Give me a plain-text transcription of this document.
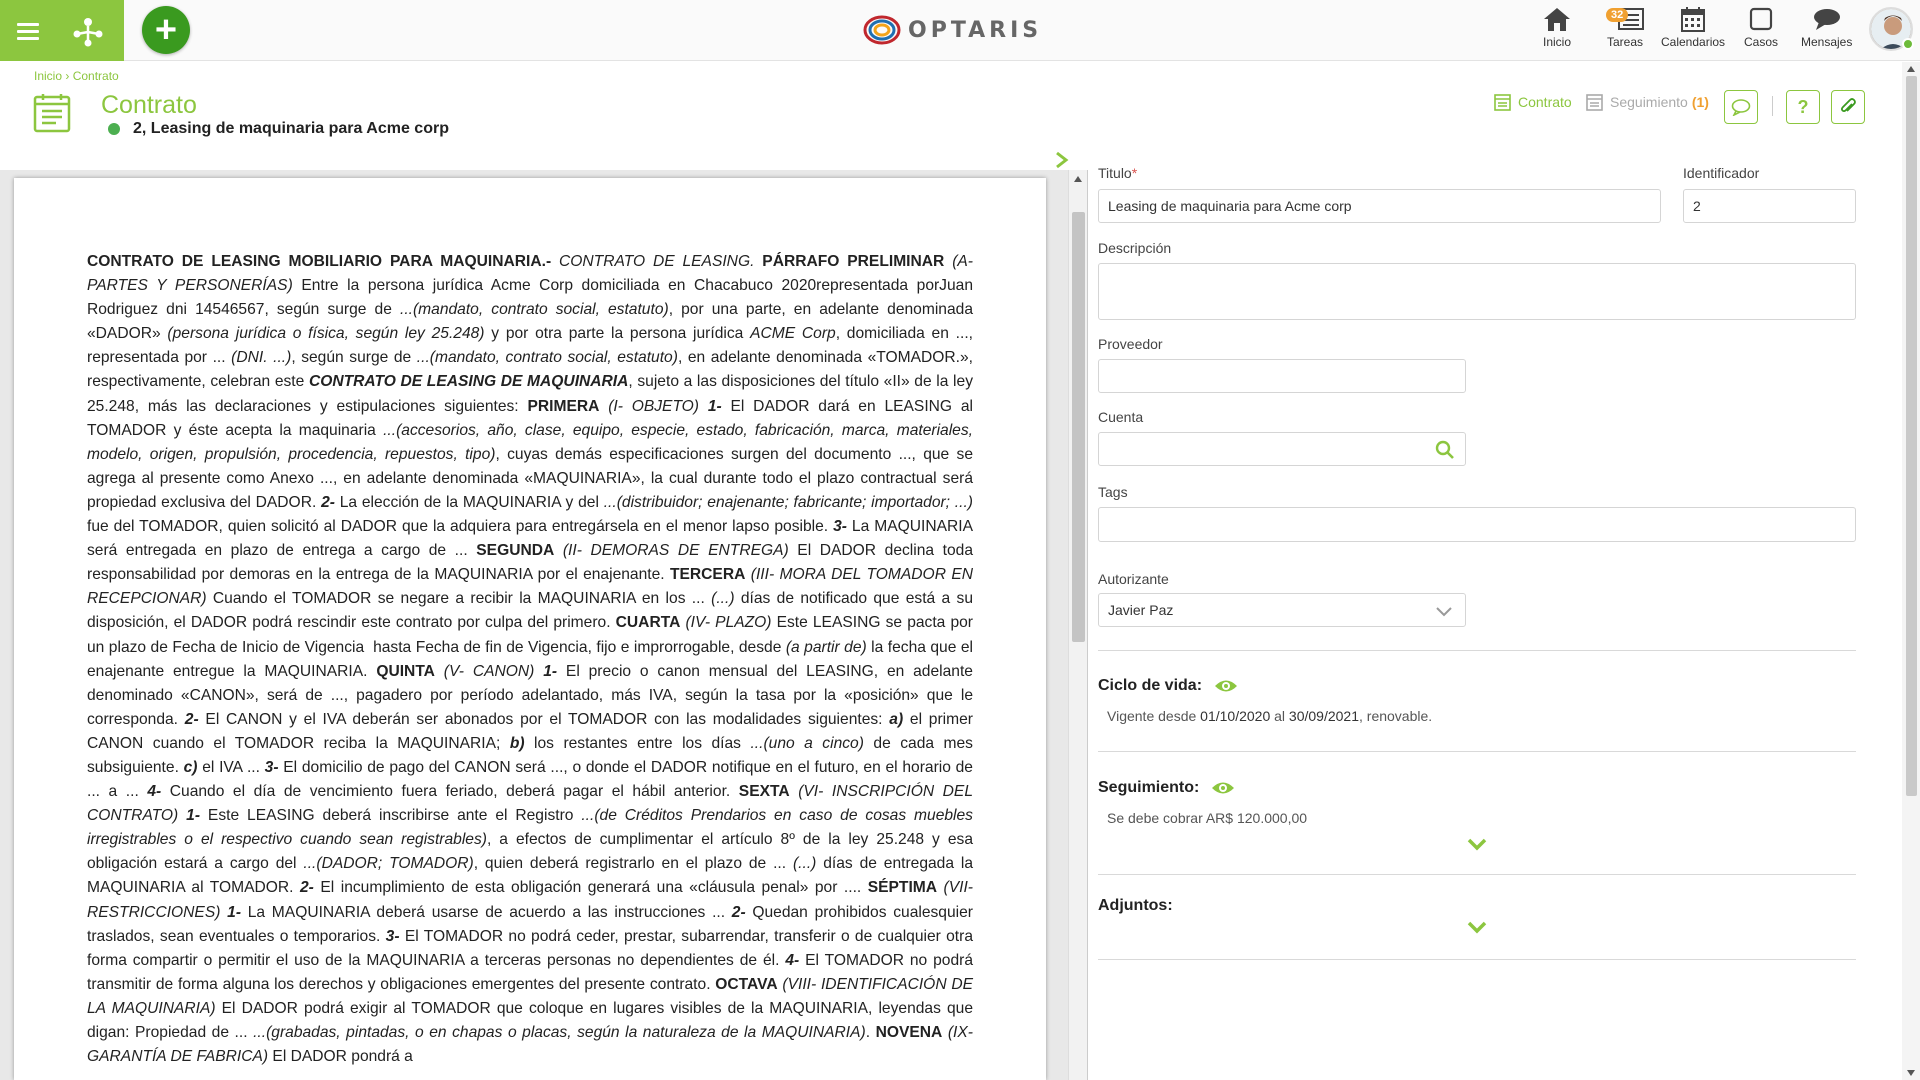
+	OPTARIS	Inicio
32
Tareas Calendarios Casos Mensajes
Inicio › Contrato
Contrato
2, Leasing de maquinaria para Acme corp
Contrato	Seguimiento (1)	?
CONTRATO DE LEASING MOBILIARIO PARA MAQUINARIA.- CONTRATO DE LEASING. PÁRRAFO PRELIMINAR (A-PARTES Y PERSONERÍAS) Entre la persona jurídica Acme Corp domiciliada en Chacabuco 2020representada porJuan Rodriguez dni 14546567, según surge de ...(mandato, contrato social, estatuto), por una parte, en adelante denominada «DADOR» (persona jurídica o física, según ley 25.248) y por otra parte la persona jurídica ACME Corp, domiciliada en ..., representada por ... (DNI. ...), según surge de ...(mandato, contrato social, estatuto), en adelante denominada «TOMADOR.», respectivamente, celebran este CONTRATO DE LEASING DE MAQUINARIA, sujeto a las disposiciones del título «II» de la ley 25.248, más las declaraciones y estipulaciones siguientes: PRIMERA (I- OBJETO) 1- El DADOR dará en LEASING al TOMADOR y éste acepta la maquinaria ...(accesorios, año, clase, equipo, especie, estado, fabricación, marca, materiales, modelo, origen, propulsión, procedencia, repuestos, tipo), cuyas demás especificaciones surgen del documento ..., que se agrega al presente como Anexo ..., en adelante denominada «MAQUINARIA», la cual durante todo el plazo contractual será propiedad exclusiva del DADOR. 2- La elección de la MAQUINARIA y del ...(distribuidor; enajenante; fabricante; importador; ...) fue del TOMADOR, quien solicitó al DADOR que la adquiera para entregársela en el menor lapso posible. 3- La MAQUINARIA será entregada en plazo de entrega a cargo de ... SEGUNDA (II- DEMORAS DE ENTREGA) El DADOR declina toda responsabilidad por demoras en la entrega de la MAQUINARIA por el enajenante. TERCERA (III- MORA DEL TOMADOR EN RECEPCIONAR) Cuando el TOMADOR se negare a recibir la MAQUINARIA en los ... (...) días de notificado que está a su disposición, el DADOR podrá rescindir este contrato por culpa del primero. CUARTA (IV- PLAZO) Este LEASING se pacta por un plazo de Fecha de Inicio de Vigencia  hasta Fecha de fin de Vigencia, fijo e improrrogable, desde (a partir de) la fecha que el enajenante entregue la MAQUINARIA. QUINTA (V- CANON) 1- El precio o canon mensual del LEASING, en adelante denominado «CANON», será de ..., pagadero por período adelantado, más IVA, según la tasa por la «posición» que le corresponda. 2- El CANON y el IVA deberán ser abonados por el TOMADOR con las modalidades siguientes: a) el primer CANON cuando el TOMADOR reciba la MAQUINARIA; b) los restantes entre los días ...(uno a cinco) de cada mes subsiguiente. c) el IVA ... 3- El domicilio de pago del CANON será ..., o donde el DADOR notifique en el futuro, en el horario de ... a ... 4- Cuando el día de vencimiento fuera feriado, deberá pagar el hábil anterior. SEXTA (VI- INSCRIPCIÓN DEL CONTRATO) 1- Este LEASING deberá inscribirse ante el Registro ...(de Créditos Prendarios en caso de cosas muebles irregistrables o el respectivo cuando sean registrables), a efectos de cumplimentar el artículo 8º de la ley 25.248 y esa obligación estará a cargo del ...(DADOR; TOMADOR), quien deberá registrarlo en el plazo de ... (...) días de entregada la MAQUINARIA al TOMADOR. 2- El incumplimiento de esta obligación generará una «cláusula penal» por .... SÉPTIMA (VII- RESTRICCIONES) 1- La MAQUINARIA deberá usarse de acuerdo a las instrucciones ... 2- Quedan prohibidos cualesquier traslados, sean eventuales o temporarios. 3- El TOMADOR no podrá ceder, prestar, subarrendar, transferir o de cualquier otra forma compartir o permitir el uso de la MAQUINARIA a terceras personas no dependientes de él. 4- El TOMADOR no podrá transmitir de forma alguna los derechos y obligaciones emergentes del presente contrato. OCTAVA (VIII- IDENTIFICACIÓN DE LA MAQUINARIA) El DADOR podrá exigir al TOMADOR que coloque en lugares visibles de la MAQUINARIA, leyendas que digan: Propiedad de ... ...(grabadas, pintadas, o en chapas o placas, según la naturaleza de la MAQUINARIA). NOVENA (IX- GARANTÍA DE FABRICA) El DADOR pondrá a
Titulo*
Leasing de maquinaria para Acme corp
Identificador
2
Descripción
Proveedor
Cuenta
Tags
Autorizante
Javier Paz
Ciclo de vida:
Vigente desde 01/10/2020 al 30/09/2021, renovable.
Seguimiento:
Se debe cobrar AR$ 120.000,00
Adjuntos:
